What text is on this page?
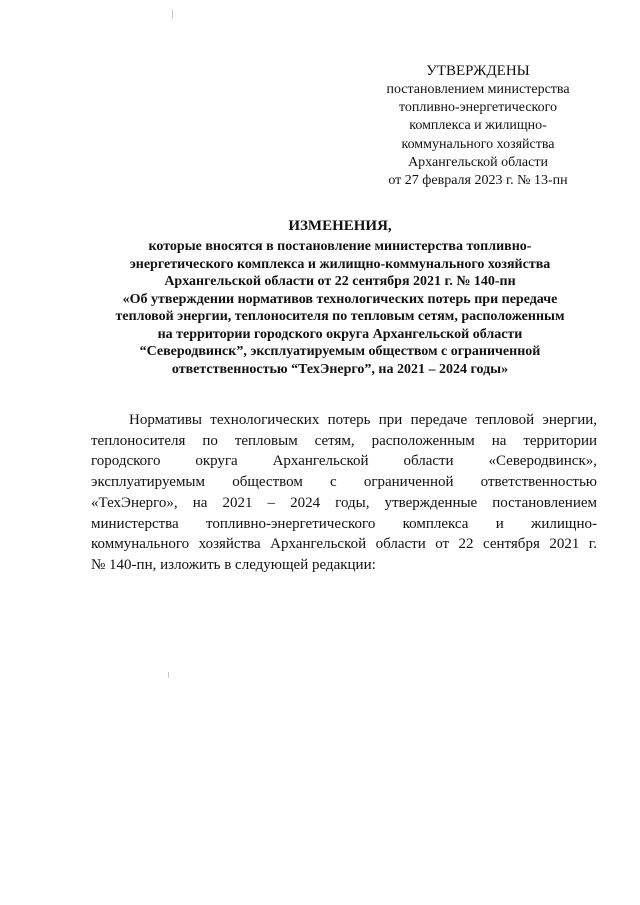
УТВЕРЖДЕНЫ
постановлением министерства
топливно-энергетического
комплекса и жилищно-
коммунального хозяйства
Архангельской области
от 27 февраля 2023 г. № 13-пн
ИЗМЕНЕНИЯ,
которые вносятся в постановление министерства топливно-
энергетического комплекса и жилищно-коммунального хозяйства
Архангельской области от 22 сентября 2021 г. № 140-пн
«Об утверждении нормативов технологических потерь при передаче
тепловой энергии, теплоносителя по тепловым сетям, расположенным
на территории городского округа Архангельской области
“Северодвинск”, эксплуатируемым обществом с ограниченной
ответственностью “ТехЭнерго”, на 2021 – 2024 годы»
Нормативы технологических потерь при передаче тепловой энергии,
теплоносителя по тепловым сетям, расположенным на территории
городского округа Архангельской области «Северодвинск»,
эксплуатируемым обществом с ограниченной ответственностью
«ТехЭнерго», на 2021 – 2024 годы, утвержденные постановлением
министерства топливно-энергетического комплекса и жилищно-
коммунального хозяйства Архангельской области от 22 сентября 2021 г.
№ 140-пн, изложить в следующей редакции:
